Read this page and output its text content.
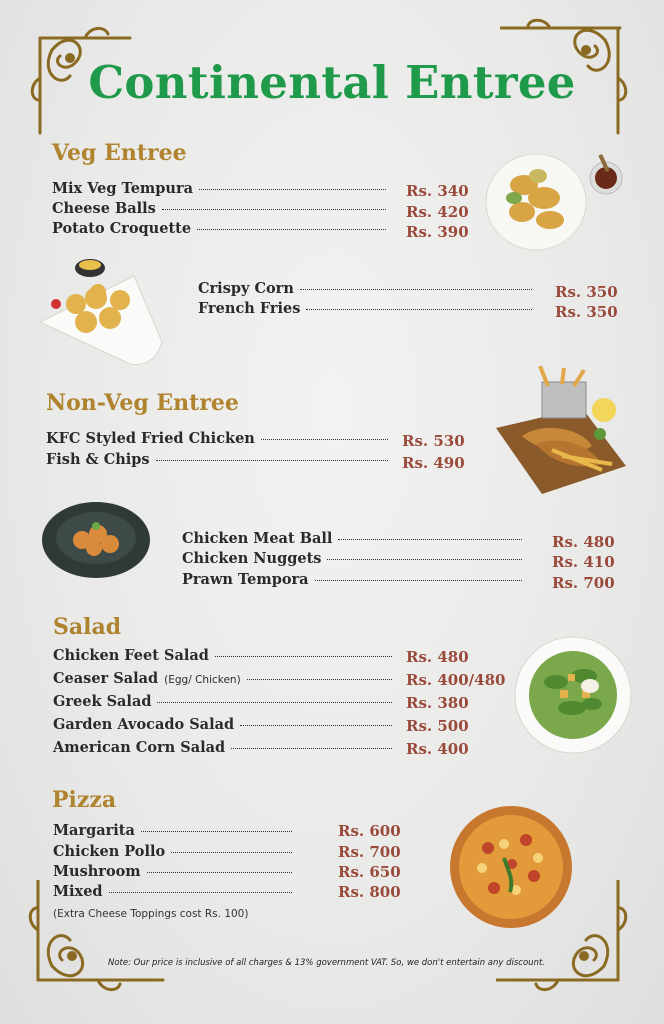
Continental Entree
Veg Entree
Non-Veg Entree
Salad
Pizza
Mix Veg Tempura	Rs. 340
Cheese Balls	Rs. 420
Potato Croquette	Rs. 390
Crispy Corn	Rs. 350
French Fries	Rs. 350
KFC Styled Fried Chicken	Rs. 530
Fish & Chips	Rs. 490
Chicken Meat Ball	Rs. 480
Chicken Nuggets	Rs. 410
Prawn Tempora	Rs. 700
Chicken Feet Salad	Rs. 480
Ceaser Salad (Egg/ Chicken)	Rs. 400/480
Greek Salad	Rs. 380
Garden Avocado Salad	Rs. 500
American Corn Salad	Rs. 400
Margarita	Rs. 600
Chicken Pollo	Rs. 700
Mushroom	Rs. 650
Mixed	Rs. 800
(Extra Cheese Toppings cost Rs. 100)
Note: Our price is inclusive of all charges & 13% government VAT. So, we don't entertain any discount.
